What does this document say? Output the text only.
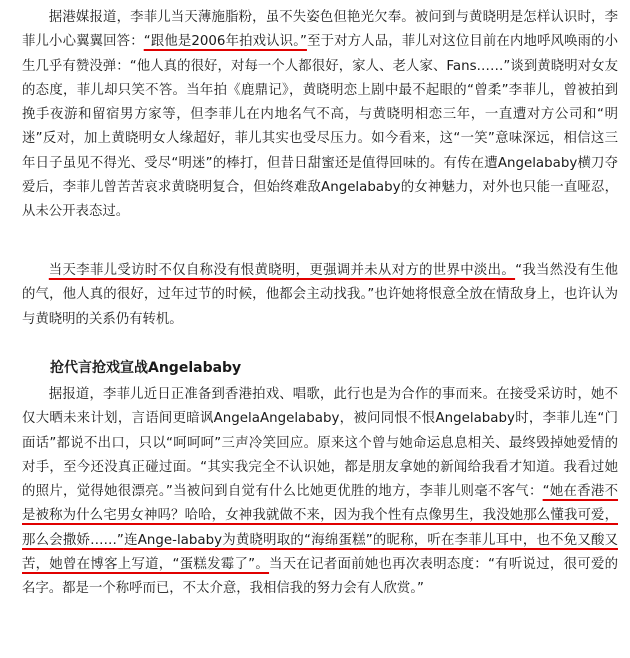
据港媒报道，李菲儿当天薄施脂粉，虽不失姿色但艳光欠奉。被问到与黄晓明是怎样认识时，李菲儿小心翼翼回答：“跟他是2006年拍戏认识。”至于对方人品，菲儿对这位目前在内地呼风唤雨的小生几乎有赞没弹：“他人真的很好，对每一个人都很好，家人、老人家、Fans……”谈到黄晓明对女友的态度，菲儿却只笑不答。当年拍《鹿鼎记》，黄晓明恋上剧中最不起眼的“曾柔”李菲儿，曾被拍到挽手夜游和留宿男方家等，但李菲儿在内地名气不高，与黄晓明相恋三年，一直遭对方公司和“明迷”反对，加上黄晓明女人缘超好，菲儿其实也受尽压力。如今看来，这“一笑”意味深远，相信这三年日子虽见不得光、受尽“明迷”的棒打，但昔日甜蜜还是值得回味的。有传在遭Angelababy横刀夺爱后，李菲儿曾苦苦哀求黄晓明复合，但始终难敌Angelababy的女神魅力，对外也只能一直哑忍，从未公开表态过。

当天李菲儿受访时不仅自称没有恨黄晓明，更强调并未从对方的世界中淡出。“我当然没有生他的气，他人真的很好，过年过节的时候，他都会主动找我。”也许她将恨意全放在情敌身上，也许认为与黄晓明的关系仍有转机。

抢代言抢戏宣战Angelababy

据报道，李菲儿近日正准备到香港拍戏、唱歌，此行也是为合作的事而来。在接受采访时，她不仅大晒未来计划，言语间更暗讽AngelaAngelababy，被问同恨不恨Angelababy时，李菲儿连“门面话”都说不出口，只以“呵呵呵”三声冷笑回应。原来这个曾与她命运息息相关、最终毁掉她爱情的对手，至今还没真正碰过面。“其实我完全不认识她，都是朋友拿她的新闻给我看才知道。我看过她的照片，觉得她很漂亮。”当被问到自觉有什么比她更优胜的地方，李菲儿则毫不客气：“她在香港不是被称为什么宅男女神吗？哈哈，女神我就做不来，因为我个性有点像男生，我没她那么懂我可爱，那么会撒娇……”连Ange-lababy为黄晓明取的“海绵蛋糕”的昵称，听在李菲儿耳中，也不免又酸又苦，她曾在博客上写道，“蛋糕发霉了”。当天在记者面前她也再次表明态度：“有听说过，很可爱的名字。都是一个称呼而已，不太介意，我相信我的努力会有人欣赏。”
